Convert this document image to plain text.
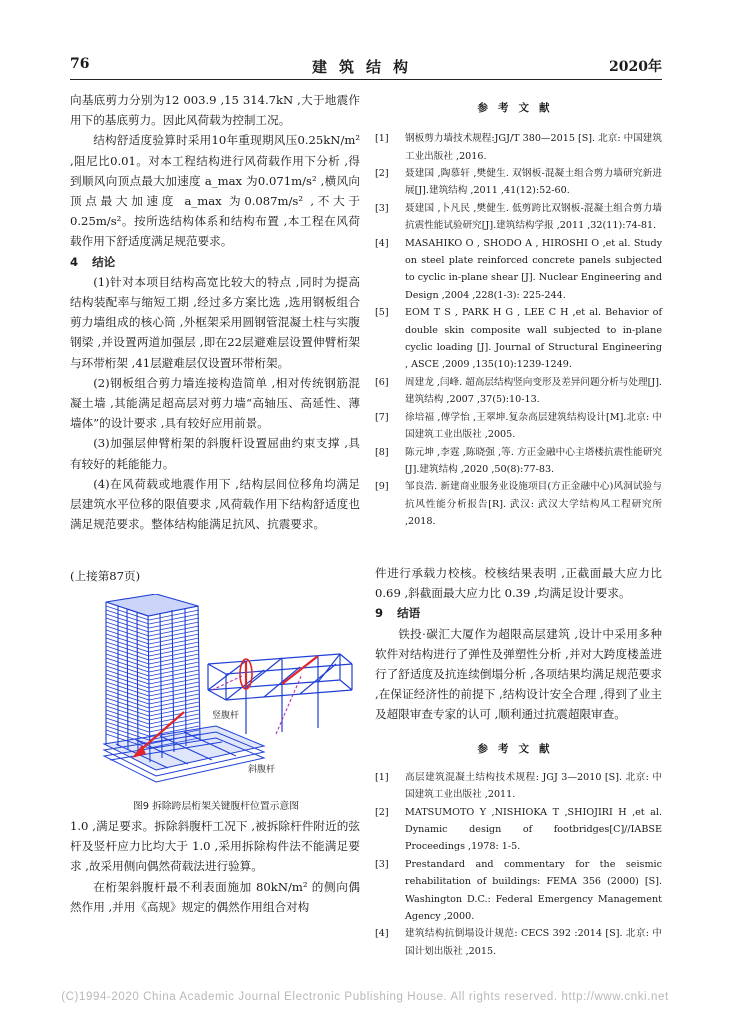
76	建筑结构	2020年

向基底剪力分别为12 003.9 ,15 314.7kN ,大于地震作用下的基底剪力。因此风荷载为控制工况。

结构舒适度验算时采用10年重现期风压0.25kN/m² ,阻尼比0.01。对本工程结构进行风荷载作用下分析 ,得到顺风向顶点最大加速度 a_max 为0.071m/s² ,横风向顶点最大加速度 a_max 为0.087m/s² ,不大于0.25m/s²。按所选结构体系和结构布置 ,本工程在风荷载作用下舒适度满足规范要求。

4 结论

(1)针对本项目结构高宽比较大的特点 ,同时为提高结构装配率与缩短工期 ,经过多方案比选 ,选用钢板组合剪力墙组成的核心筒 ,外框架采用圆钢管混凝土柱与实腹钢梁 ,并设置两道加强层 ,即在22层避难层设置伸臂桁架与环带桁架 ,41层避难层仅设置环带桁架。

(2)钢板组合剪力墙连接构造简单 ,相对传统钢筋混凝土墙 ,其能满足超高层对剪力墙“高轴压、高延性、薄墙体”的设计要求 ,具有较好应用前景。

(3)加强层伸臂桁架的斜腹杆设置屈曲约束支撑 ,具有较好的耗能能力。

(4)在风荷载或地震作用下 ,结构层间位移角均满足层建筑水平位移的限值要求 ,风荷载作用下结构舒适度也满足规范要求。整体结构能满足抗风、抗震要求。

参考文献
[1] 钢板剪力墙技术规程:JGJ/T 380—2015 [S]. 北京: 中国建筑工业出版社 ,2016.
[2] 聂建国 ,陶慕轩 ,樊健生. 双钢板-混凝土组合剪力墙研究新进展[J].建筑结构 ,2011 ,41(12):52-60.
[3] 聂建国 ,卜凡民 ,樊健生. 低剪跨比双钢板-混凝土组合剪力墙抗震性能试验研究[J].建筑结构学报 ,2011 ,32(11):74-81.
[4] MASAHIKO O , SHODO A , HIROSHI O ,et al. Study on steel plate reinforced concrete panels subjected to cyclic in-plane shear [J]. Nuclear Engineering and Design ,2004 ,228(1-3): 225-244.
[5] EOM T S , PARK H G , LEE C H ,et al. Behavior of double skin composite wall subjected to in-plane cyclic loading [J]. Journal of Structural Engineering , ASCE ,2009 ,135(10):1239-1249.
[6] 周建龙 ,闫峰. 超高层结构竖向变形及差异问题分析与处理[J].建筑结构 ,2007 ,37(5):10-13.
[7] 徐培福 ,傅学怡 ,王翠坤.复杂高层建筑结构设计[M].北京: 中国建筑工业出版社 ,2005.
[8] 陈元坤 ,李霆 ,陈晓强 ,等. 方正金融中心主塔楼抗震性能研究[J].建筑结构 ,2020 ,50(8):77-83.
[9] 邹良浩. 新建商业服务业设施项目(方正金融中心)风洞试验与抗风性能分析报告[R]. 武汉: 武汉大学结构风工程研究所 ,2018.

(上接第87页)

竖腹杆
斜腹杆
图9 拆除跨层桁架关键腹杆位置示意图

1.0 ,满足要求。拆除斜腹杆工况下 ,被拆除杆件附近的弦杆及竖杆应力比均大于 1.0 ,采用拆除构件法不能满足要求 ,故采用侧向偶然荷载法进行验算。

在桁架斜腹杆最不利表面施加 80kN/m² 的侧向偶然作用 ,并用《高规》规定的偶然作用组合对构

件进行承载力校核。校核结果表明 ,正截面最大应力比 0.69 ,斜截面最大应力比 0.39 ,均满足设计要求。

9 结语

铁投·碳汇大厦作为超限高层建筑 ,设计中采用多种软件对结构进行了弹性及弹塑性分析 ,并对大跨度楼盖进行了舒适度及抗连续倒塌分析 ,各项结果均满足规范要求 ,在保证经济性的前提下 ,结构设计安全合理 ,得到了业主及超限审查专家的认可 ,顺利通过抗震超限审查。

参考文献
[1] 高层建筑混凝土结构技术规程: JGJ 3—2010 [S]. 北京: 中国建筑工业出版社 ,2011.
[2] MATSUMOTO Y ,NISHIOKA T ,SHIOJIRI H ,et al. Dynamic design of footbridges[C]//IABSE Proceedings ,1978: 1-5.
[3] Prestandard and commentary for the seismic rehabilitation of buildings: FEMA 356 (2000) [S]. Washington D.C.: Federal Emergency Management Agency ,2000.
[4] 建筑结构抗倒塌设计规范: CECS 392 :2014 [S]. 北京: 中国计划出版社 ,2015.
(C)1994-2020 China Academic Journal Electronic Publishing House. All rights reserved. http://www.cnki.net
